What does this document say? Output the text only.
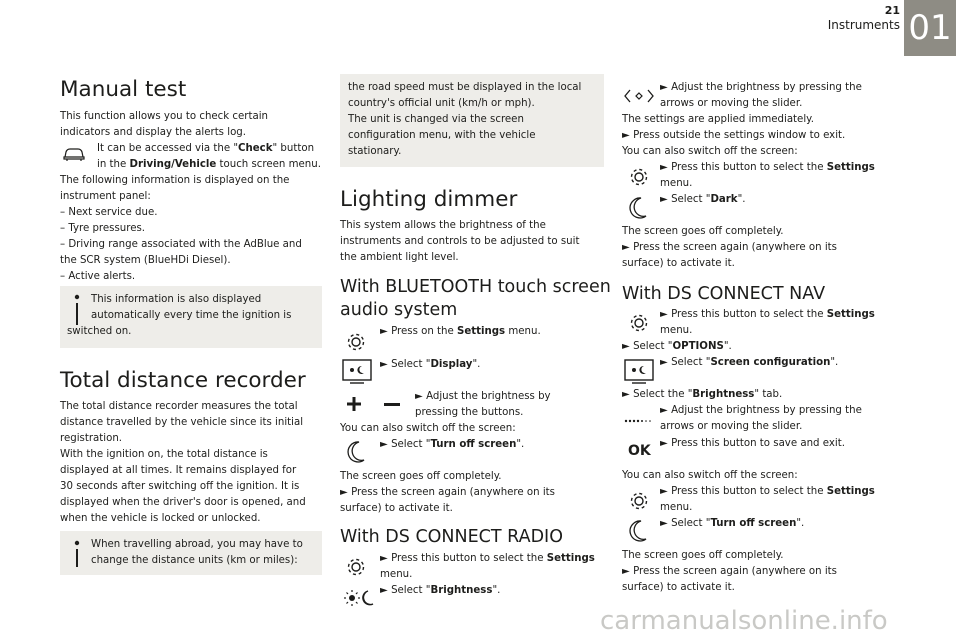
21
Instruments 01
Manual test
This function allows you to check certain
indicators and display the alerts log.
It can be accessed via the "Check" button
in the Driving/Vehicle touch screen menu.
The following information is displayed on the
instrument panel:
– Next service due.
– Tyre pressures.
– Driving range associated with the AdBlue and
the SCR system (BlueHDi Diesel).
– Active alerts.
This information is also displayed
automatically every time the ignition is
switched on.
Total distance recorder
The total distance recorder measures the total
distance travelled by the vehicle since its initial
registration.
With the ignition on, the total distance is
displayed at all times. It remains displayed for
30 seconds after switching off the ignition. It is
displayed when the driver's door is opened, and
when the vehicle is locked or unlocked.
When travelling abroad, you may have to
change the distance units (km or miles):
the road speed must be displayed in the local
country's official unit (km/h or mph).
The unit is changed via the screen
configuration menu, with the vehicle
stationary.
Lighting dimmer
This system allows the brightness of the
instruments and controls to be adjusted to suit
the ambient light level.
With BLUETOOTH touch screen
audio system
► Press on the Settings menu.
► Select "Display".
► Adjust the brightness by
pressing the buttons.
You can also switch off the screen:
► Select "Turn off screen".
The screen goes off completely.
► Press the screen again (anywhere on its
surface) to activate it.
With DS CONNECT RADIO
► Press this button to select the Settings
menu.
► Select "Brightness".
► Adjust the brightness by pressing the
arrows or moving the slider.
The settings are applied immediately.
► Press outside the settings window to exit.
You can also switch off the screen:
► Press this button to select the Settings
menu.
► Select "Dark".
The screen goes off completely.
► Press the screen again (anywhere on its
surface) to activate it.
With DS CONNECT NAV
► Press this button to select the Settings
menu.
► Select "OPTIONS".
► Select "Screen configuration".
► Select the "Brightness" tab.
► Adjust the brightness by pressing the
arrows or moving the slider.
OK ► Press this button to save and exit.
You can also switch off the screen:
► Press this button to select the Settings
menu.
► Select "Turn off screen".
The screen goes off completely.
► Press the screen again (anywhere on its
surface) to activate it.
carmanualsonline.info
